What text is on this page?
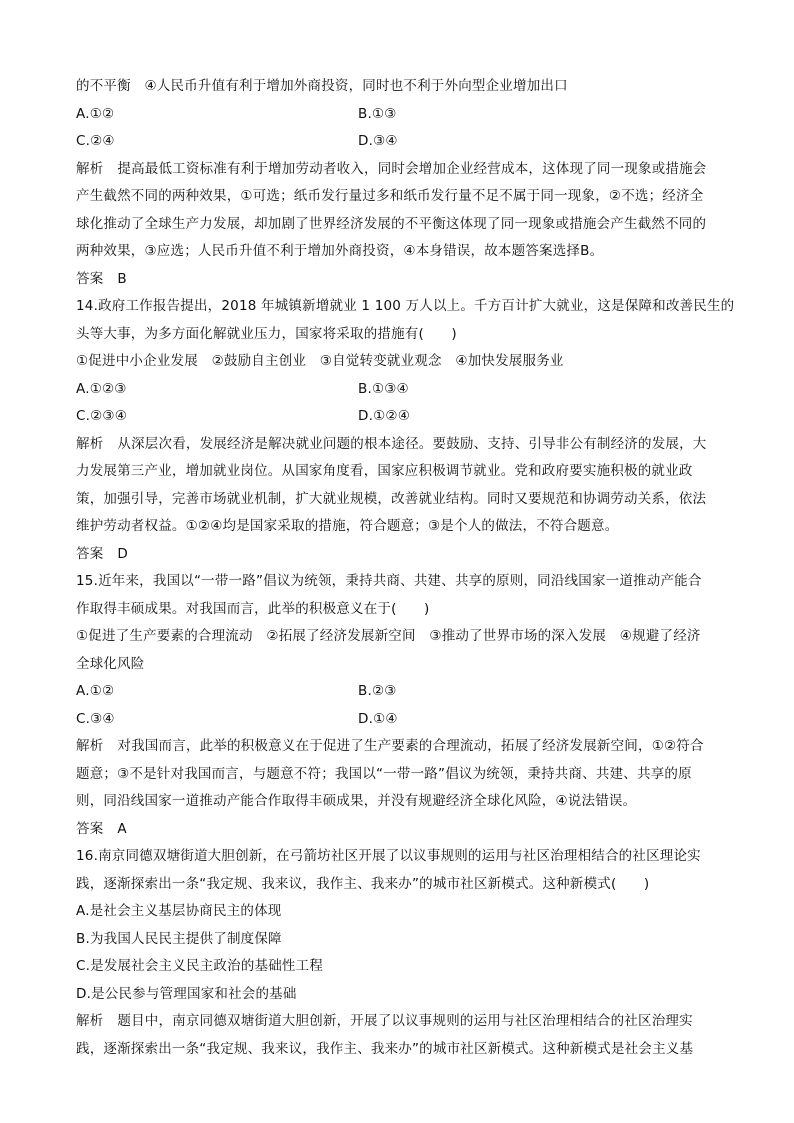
的不平衡　④人民币升值有利于增加外商投资，同时也不利于外向型企业增加出口
A.①②	B.①③
C.②④	D.③④
解析 提高最低工资标准有利于增加劳动者收入，同时会增加企业经营成本，这体现了同一现象或措施会
产生截然不同的两种效果，①可选；纸币发行量过多和纸币发行量不足不属于同一现象，②不选；经济全
球化推动了全球生产力发展，却加剧了世界经济发展的不平衡这体现了同一现象或措施会产生截然不同的
两种效果，③应选；人民币升值不利于增加外商投资，④本身错误，故本题答案选择B。
答案 B
14.政府工作报告提出，2018 年城镇新增就业 1 100 万人以上。千方百计扩大就业，这是保障和改善民生的
头等大事，为多方面化解就业压力，国家将采取的措施有(　　)
①促进中小企业发展　②鼓励自主创业　③自觉转变就业观念　④加快发展服务业
A.①②③	B.①③④
C.②③④	D.①②④
解析 从深层次看，发展经济是解决就业问题的根本途径。要鼓励、支持、引导非公有制经济的发展，大
力发展第三产业，增加就业岗位。从国家角度看，国家应积极调节就业。党和政府要实施积极的就业政
策，加强引导，完善市场就业机制，扩大就业规模，改善就业结构。同时又要规范和协调劳动关系，依法
维护劳动者权益。①②④均是国家采取的措施，符合题意；③是个人的做法，不符合题意。
答案 D
15.近年来，我国以“一带一路”倡议为统领，秉持共商、共建、共享的原则，同沿线国家一道推动产能合
作取得丰硕成果。对我国而言，此举的积极意义在于(　　)
①促进了生产要素的合理流动　②拓展了经济发展新空间　③推动了世界市场的深入发展　④规避了经济
全球化风险
A.①②	B.②③
C.③④	D.①④
解析 对我国而言，此举的积极意义在于促进了生产要素的合理流动，拓展了经济发展新空间，①②符合
题意；③不是针对我国而言，与题意不符；我国以“一带一路”倡议为统领，秉持共商、共建、共享的原
则，同沿线国家一道推动产能合作取得丰硕成果，并没有规避经济全球化风险，④说法错误。
答案 A
16.南京同德双塘街道大胆创新，在弓箭坊社区开展了以议事规则的运用与社区治理相结合的社区理论实
践，逐渐探索出一条“我定规、我来议，我作主、我来办”的城市社区新模式。这种新模式(　　)
A.是社会主义基层协商民主的体现
B.为我国人民民主提供了制度保障
C.是发展社会主义民主政治的基础性工程
D.是公民参与管理国家和社会的基础
解析 题目中，南京同德双塘街道大胆创新，开展了以议事规则的运用与社区治理相结合的社区治理实
践，逐渐探索出一条“我定规、我来议，我作主、我来办”的城市社区新模式。这种新模式是社会主义基
